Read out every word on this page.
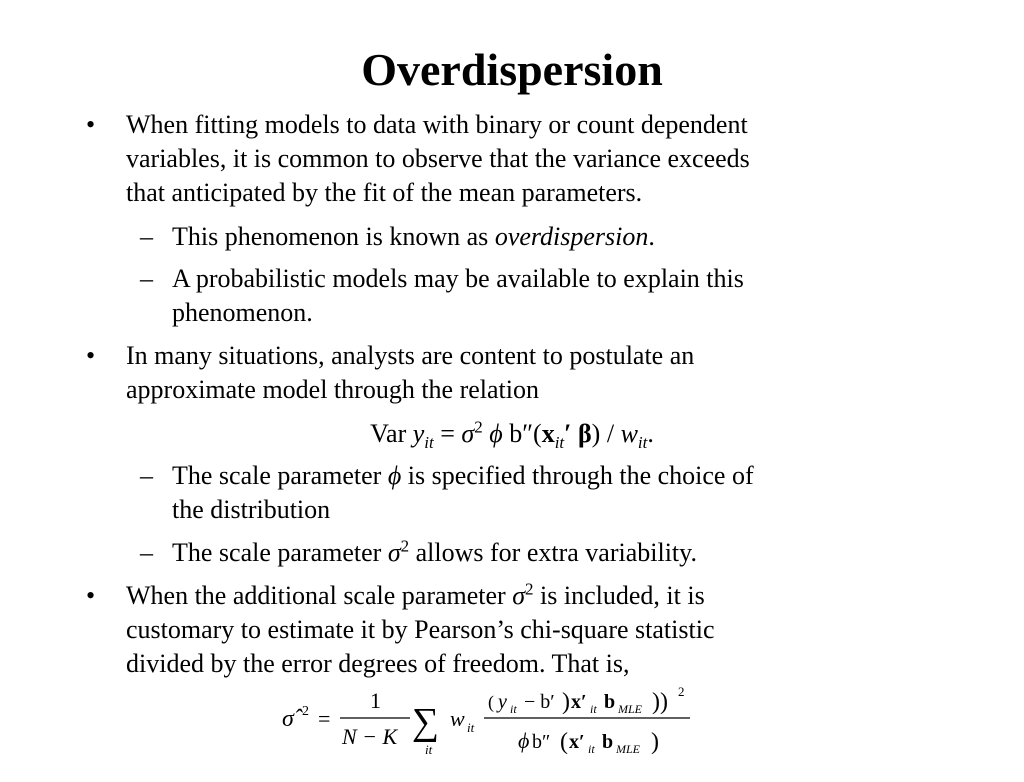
Overdispersion
• When fitting models to data with binary or count dependent
variables, it is common to observe that the variance exceeds
that anticipated by the fit of the mean parameters.
– This phenomenon is known as overdispersion.
– A probabilistic models may be available to explain this
phenomenon.
• In many situations, analysts are content to postulate an
approximate model through the relation
Var $y_{it} = \sigma^2$ ϕ $b''(x_{it}'$ $\beta) / w_{it}$.
– The scale parameter ϕ is specified through the choice of
the distribution
– The scale parameter $\sigma^2$ allows for extra variability.
• When the additional scale parameter $\sigma^2$ is included, it is
customary to estimate it by Pearson’s chi-square statistic
divided by the error degrees of freedom. That is,
σ̂ 2 =
1
N − K ∑
it
w it
( y it − b′ ) x′ it b MLE )) 2
ϕ b″ ( x′ it b MLE )
